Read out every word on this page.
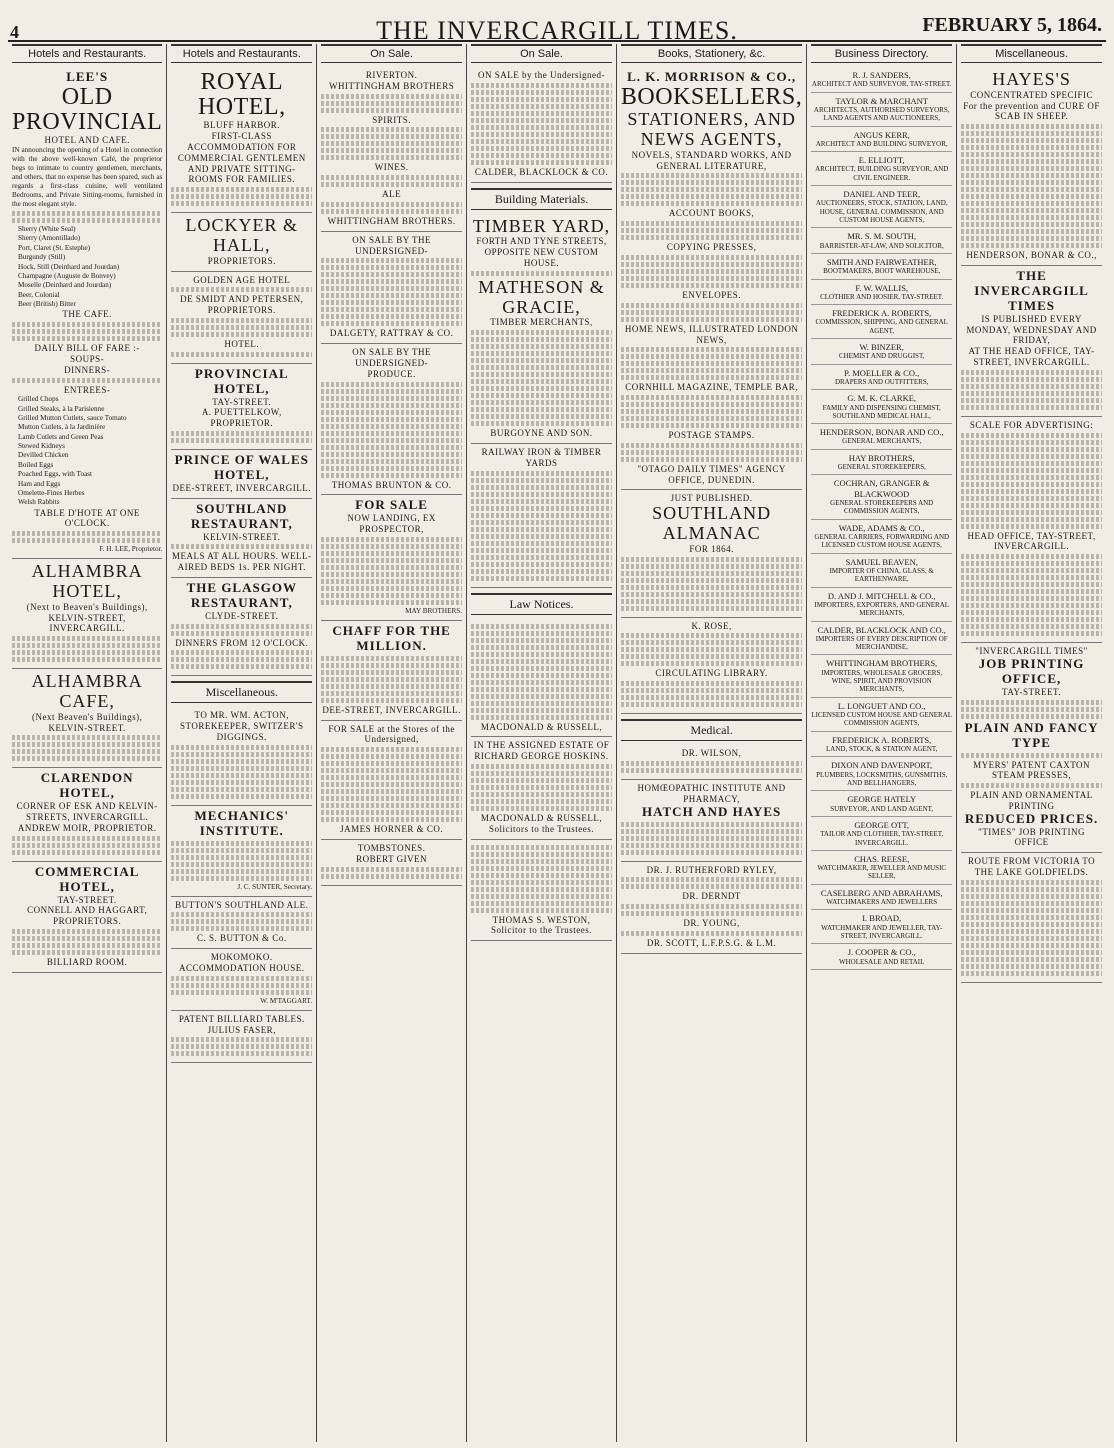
4	THE INVERCARGILL TIMES.	FEBRUARY 5, 1864.
Hotels and Restaurants.
LEE'S
OLD PROVINCIAL
HOTEL AND CAFE.
IN announcing the opening of a Hotel in connection with the above well-known Café, the proprietor begs to intimate to country gentlemen, merchants, and others, that no expense has been spared, such as regards a first-class cuisine, well ventilated Bedrooms, and Private Sitting-rooms, furnished in the most elegant style.
Sherry (White Seal)
Sherry (Amontillado)
Port, Claret (St. Estephe)
Burgundy (Still)
Hock, Still (Deinhard and Jourdan)
Champagne (Auguste de Bonvey)
Moselle (Deinhard and Jourdan)
Beer, Colonial
Beer (British) Bitter
THE CAFE.
DAILY BILL OF FARE :-
SOUPS-
DINNERS-
ENTREES-
Grilled Chops
Grilled Steaks, à la Parisienne
Grilled Mutton Cutlets, sauce Tomato
Mutton Cutlets, à la Jardinière
Lamb Cutlets and Green Peas
Stewed Kidneys
Devilled Chicken
Boiled Eggs
Poached Eggs, with Toast
Ham and Eggs
Omelette-Fines Herbes
Welsh Rabbits
TABLE D'HOTE AT ONE O'CLOCK.
F. H. LEE, Proprietor.
ALHAMBRA HOTEL,
(Next to Beaven's Buildings),
KELVIN-STREET, INVERCARGILL.
ALHAMBRA CAFE,
(Next Beaven's Buildings),
KELVIN-STREET.
CLARENDON HOTEL,
CORNER OF ESK AND KELVIN-STREETS, INVERCARGILL.
ANDREW MOIR, PROPRIETOR.
COMMERCIAL HOTEL,
TAY-STREET.
CONNELL AND HAGGART, PROPRIETORS.
BILLIARD ROOM.
Hotels and Restaurants.
ROYAL HOTEL,
BLUFF HARBOR.
FIRST-CLASS ACCOMMODATION FOR COMMERCIAL GENTLEMEN AND PRIVATE SITTING-ROOMS FOR FAMILIES.
LOCKYER & HALL,
PROPRIETORS.
GOLDEN AGE HOTEL
DE SMIDT AND PETERSEN, PROPRIETORS.
HOTEL.
PROVINCIAL HOTEL,
TAY-STREET.
A. PUETTELKOW, PROPRIETOR.
PRINCE OF WALES HOTEL,
DEE-STREET, INVERCARGILL.
SOUTHLAND RESTAURANT,
KELVIN-STREET.
MEALS AT ALL HOURS. WELL-AIRED BEDS 1s. PER NIGHT.
THE GLASGOW RESTAURANT,
CLYDE-STREET.
DINNERS FROM 12 O'CLOCK.
Miscellaneous.
TO MR. WM. ACTON, STOREKEEPER, SWITZER'S DIGGINGS.
MECHANICS' INSTITUTE.
J. C. SUNTER, Secretary.
BUTTON'S SOUTHLAND ALE.
C. S. BUTTON & Co.
MOKOMOKO. ACCOMMODATION HOUSE.
W. M'TAGGART.
PATENT BILLIARD TABLES.
JULIUS FASER,
On Sale.
RIVERTON.
WHITTINGHAM BROTHERS
SPIRITS.
WINES.
ALE
WHITTINGHAM BROTHERS.
ON SALE BY THE UNDERSIGNED-
DALGETY, RATTRAY & CO.
ON SALE BY THE UNDERSIGNED-
PRODUCE.
THOMAS BRUNTON & CO.
FOR SALE
NOW LANDING, EX PROSPECTOR,
MAY BROTHERS.
CHAFF FOR THE MILLION.
DEE-STREET, INVERCARGILL.
FOR SALE at the Stores of the Undersigned,
JAMES HORNER & CO.
TOMBSTONES.
ROBERT GIVEN
On Sale.
ON SALE by the Undersigned-
CALDER, BLACKLOCK & CO.
Building Materials.
TIMBER YARD,
FORTH AND TYNE STREETS, OPPOSITE NEW CUSTOM HOUSE.
MATHESON & GRACIE,
TIMBER MERCHANTS,
BURGOYNE AND SON.
RAILWAY IRON & TIMBER YARDS
Law Notices.
MACDONALD & RUSSELL,
IN THE ASSIGNED ESTATE OF RICHARD GEORGE HOSKINS.
MACDONALD & RUSSELL, Solicitors to the Trustees.
THOMAS S. WESTON,
Solicitor to the Trustees.
Books, Stationery, &c.
L. K. MORRISON & CO.,
BOOKSELLERS,
STATIONERS, AND NEWS AGENTS,
NOVELS, STANDARD WORKS, AND GENERAL LITERATURE,
ACCOUNT BOOKS,
COPYING PRESSES,
ENVELOPES.
HOME NEWS, ILLUSTRATED LONDON NEWS,
CORNHILL MAGAZINE, TEMPLE BAR,
POSTAGE STAMPS.
"OTAGO DAILY TIMES" AGENCY OFFICE, DUNEDIN.
JUST PUBLISHED.
SOUTHLAND ALMANAC
FOR 1864.
K. ROSE,
CIRCULATING LIBRARY.
Medical.
DR. WILSON,
HOMŒOPATHIC INSTITUTE AND PHARMACY,
HATCH AND HAYES
DR. J. RUTHERFORD RYLEY,
DR. DERNDT
DR. YOUNG,
DR. SCOTT, L.F.P.S.G. & L.M.
Business Directory.
R. J. SANDERS,
ARCHITECT AND SURVEYOR, TAY-STREET.
TAYLOR & MARCHANT
ARCHITECTS, AUTHORISED SURVEYORS, LAND AGENTS AND AUCTIONEERS,
ANGUS KERR,
ARCHITECT AND BUILDING SURVEYOR,
E. ELLIOTT,
ARCHITECT, BUILDING SURVEYOR, AND CIVIL ENGINEER.
DANIEL AND TEER,
AUCTIONEERS, STOCK, STATION, LAND, HOUSE, GENERAL COMMISSION, AND CUSTOM HOUSE AGENTS,
MR. S. M. SOUTH,
BARRISTER-AT-LAW, AND SOLICITOR,
SMITH AND FAIRWEATHER,
BOOTMAKERS, BOOT WAREHOUSE,
F. W. WALLIS,
CLOTHIER AND HOSIER, TAY-STREET.
FREDERICK A. ROBERTS,
COMMISSION, SHIPPING, AND GENERAL AGENT,
W. BINZER,
CHEMIST AND DRUGGIST,
P. MOELLER & CO.,
DRAPERS AND OUTFITTERS,
G. M. K. CLARKE,
FAMILY AND DISPENSING CHEMIST, SOUTHLAND MEDICAL HALL,
HENDERSON, BONAR AND CO.,
GENERAL MERCHANTS,
HAY BROTHERS,
GENERAL STOREKEEPERS,
COCHRAN, GRANGER & BLACKWOOD
GENERAL STOREKEEPERS AND COMMISSION AGENTS,
WADE, ADAMS & CO.,
GENERAL CARRIERS, FORWARDING AND LICENSED CUSTOM HOUSE AGENTS,
SAMUEL BEAVEN,
IMPORTER OF CHINA, GLASS, & EARTHENWARE,
D. AND J. MITCHELL & CO.,
IMPORTERS, EXPORTERS, AND GENERAL MERCHANTS,
CALDER, BLACKLOCK AND CO.,
IMPORTERS OF EVERY DESCRIPTION OF MERCHANDISE,
WHITTINGHAM BROTHERS,
IMPORTERS, WHOLESALE GROCERS, WINE, SPIRIT, AND PROVISION MERCHANTS,
L. LONGUET AND CO.,
LICENSED CUSTOM HOUSE AND GENERAL COMMISSION AGENTS,
FREDERICK A. ROBERTS,
LAND, STOCK, & STATION AGENT,
DIXON AND DAVENPORT,
PLUMBERS, LOCKSMITHS, GUNSMITHS, AND BELLHANGERS,
GEORGE HATELY
SURVEYOR, AND LAND AGENT,
GEORGE OTT,
TAILOR AND CLOTHIER, TAY-STREET, INVERCARGILL.
CHAS. REESE,
WATCHMAKER, JEWELLER AND MUSIC SELLER,
CASELBERG AND ABRAHAMS,
WATCHMAKERS AND JEWELLERS
I. BROAD,
WATCHMAKER AND JEWELLER, TAY-STREET, INVERCARGILL.
J. COOPER & CO.,
WHOLESALE AND RETAIL
Miscellaneous.
HAYES'S
CONCENTRATED SPECIFIC
For the prevention and CURE OF SCAB IN SHEEP.
HENDERSON, BONAR & CO.,
THE INVERCARGILL TIMES
IS PUBLISHED EVERY
MONDAY, WEDNESDAY AND FRIDAY,
AT THE HEAD OFFICE, TAY-STREET, INVERCARGILL.
SCALE FOR ADVERTISING:
HEAD OFFICE, TAY-STREET, INVERCARGILL.
"INVERCARGILL TIMES"
JOB PRINTING OFFICE,
TAY-STREET.
PLAIN AND FANCY TYPE
MYERS' PATENT CAXTON STEAM PRESSES,
PLAIN AND ORNAMENTAL PRINTING
REDUCED PRICES.
"TIMES" JOB PRINTING OFFICE
ROUTE FROM VICTORIA TO THE LAKE GOLDFIELDS.
